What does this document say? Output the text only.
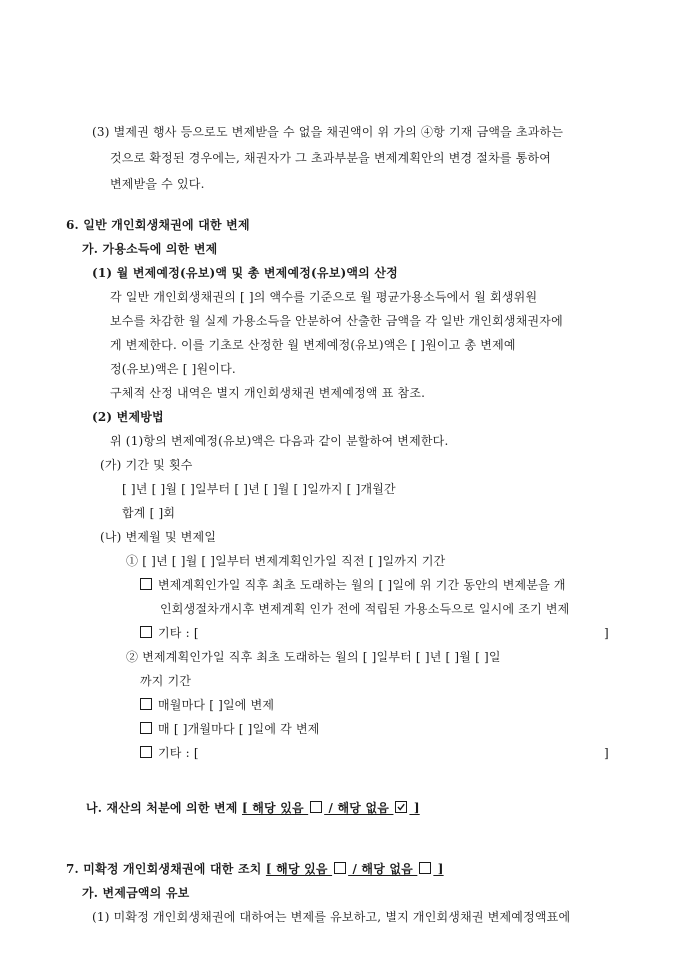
(3) 별제권 행사 등으로도 변제받을 수 없을 채권액이 위 가의 ④항 기재 금액을 초과하는
것으로 확정된 경우에는, 채권자가 그 초과부분을 변제계획안의 변경 절차를 통하여
변제받을 수 있다.
6. 일반 개인회생채권에 대한 변제
가. 가용소득에 의한 변제
(1) 월 변제예정(유보)액 및 총 변제예정(유보)액의 산정
각 일반 개인회생채권의 [ ]의 액수를 기준으로 월 평균가용소득에서 월 회생위원
보수를 차감한 월 실제 가용소득을 안분하여 산출한 금액을 각 일반 개인회생채권자에
게 변제한다. 이를 기초로 산정한 월 변제예정(유보)액은 [ ]원이고 총 변제예
정(유보)액은 [ ]원이다.
구체적 산정 내역은 별지 개인회생채권 변제예정액 표 참조.
(2) 변제방법
위 (1)항의 변제예정(유보)액은 다음과 같이 분할하여 변제한다.
(가) 기간 및 횟수
[ ]년 [ ]월 [ ]일부터 [ ]년 [ ]월 [ ]일까지 [ ]개월간
합계 [ ]회
(나) 변제월 및 변제일
① [ ]년 [ ]월 [ ]일부터 변제계획인가일 직전 [ ]일까지 기간
변제계획인가일 직후 최초 도래하는 월의 [ ]일에 위 기간 동안의 변제분을 개
인회생절차개시후 변제계획 인가 전에 적립된 가용소득으로 일시에 조기 변제
기타 : [	]
② 변제계획인가일 직후 최초 도래하는 월의 [ ]일부터 [ ]년 [ ]월 [ ]일
까지 기간
매월마다 [ ]일에 변제
매 [ ]개월마다 [ ]일에 각 변제
기타 : [	]
나. 재산의 처분에 의한 변제 [ 해당 있음  / 해당 없음
]
7. 미확정 개인회생채권에 대한 조치 [ 해당 있음  / 해당 없음  ]
가. 변제금액의 유보
(1) 미확정 개인회생채권에 대하여는 변제를 유보하고, 별지 개인회생채권 변제예정액표에
